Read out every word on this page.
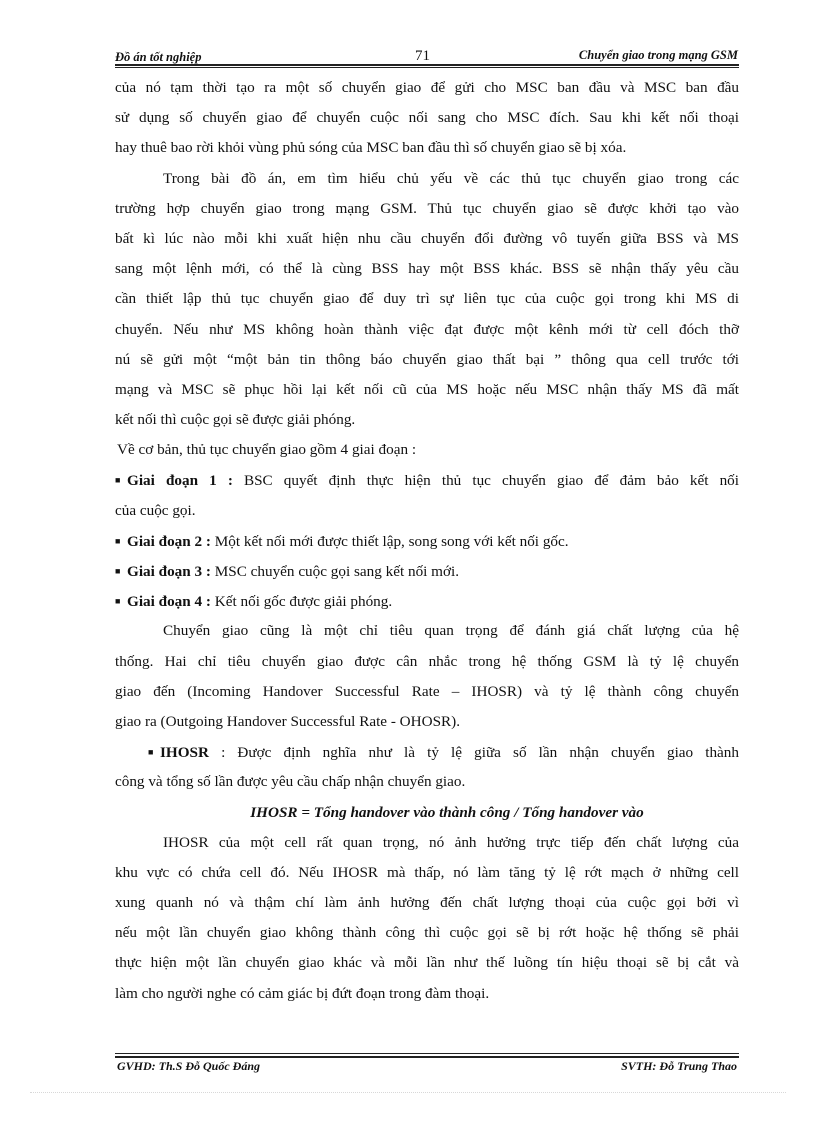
Đồ án tốt nghiệp	71	Chuyển giao trong mạng GSM
của nó tạm thời tạo ra một số chuyển giao để gửi cho MSC ban đầu và MSC ban đầu
sử dụng số chuyển giao để chuyển cuộc nối sang cho MSC đích. Sau khi kết nối thoại
hay thuê bao rời khỏi vùng phủ sóng của MSC ban đầu thì số chuyển giao sẽ bị xóa.
Trong bài đồ án, em tìm hiểu chủ yếu về các thủ tục chuyển giao trong các
trường hợp chuyển giao trong mạng GSM. Thủ tục chuyển giao sẽ được khởi tạo vào
bất kì lúc nào mỗi khi xuất hiện nhu cầu chuyển đổi đường vô tuyến giữa BSS và MS
sang một lệnh mới, có thể là cùng BSS hay một BSS khác. BSS sẽ nhận thấy yêu cầu
cần thiết lập thủ tục chuyển giao để duy trì sự liên tục của cuộc gọi trong khi MS di
chuyển. Nếu như MS không hoàn thành việc đạt được một kênh mới từ cell đóch thỡ
nú sẽ gửi một “một bản tin thông báo chuyển giao thất bại ” thông qua cell trước tới
mạng và MSC sẽ phục hồi lại kết nối cũ của MS hoặc nếu MSC nhận thấy MS đã mất
kết nối thì cuộc gọi sẽ được giải phóng.
Về cơ bản, thủ tục chuyển giao gồm 4 giai đoạn :
■ Giai đoạn 1 : BSC quyết định thực hiện thủ tục chuyển giao để đảm bảo kết nối
của cuộc gọi.
■ Giai đoạn 2 : Một kết nối mới được thiết lập, song song với kết nối gốc.
■ Giai đoạn 3 : MSC chuyển cuộc gọi sang kết nối mới.
■ Giai đoạn 4 : Kết nối gốc được giải phóng.
Chuyển giao cũng là một chỉ tiêu quan trọng để đánh giá chất lượng của hệ
thống. Hai chỉ tiêu chuyển giao được cân nhắc trong hệ thống GSM là tỷ lệ chuyển
giao đến (Incoming Handover Successful Rate – IHOSR) và tỷ lệ thành công chuyển
giao ra (Outgoing Handover Successful Rate - OHOSR).
■ IHOSR : Được định nghĩa như là tỷ lệ giữa số lần nhận chuyển giao thành
công và tổng số lần được yêu cầu chấp nhận chuyển giao.
IHOSR = Tổng handover vào thành công / Tổng handover vào
IHOSR của một cell rất quan trọng, nó ảnh hưởng trực tiếp đến chất lượng của
khu vực có chứa cell đó. Nếu IHOSR mà thấp, nó làm tăng tỷ lệ rớt mạch ở những cell
xung quanh nó và thậm chí làm ảnh hưởng đến chất lượng thoại của cuộc gọi bởi vì
nếu một lần chuyển giao không thành công thì cuộc gọi sẽ bị rớt hoặc hệ thống sẽ phải
thực hiện một lần chuyển giao khác và mỗi lần như thế luồng tín hiệu thoại sẽ bị cắt và
làm cho người nghe có cảm giác bị đứt đoạn trong đàm thoại.
GVHD: Th.S Đỗ Quốc Đáng	SVTH: Đỗ Trung Thao
